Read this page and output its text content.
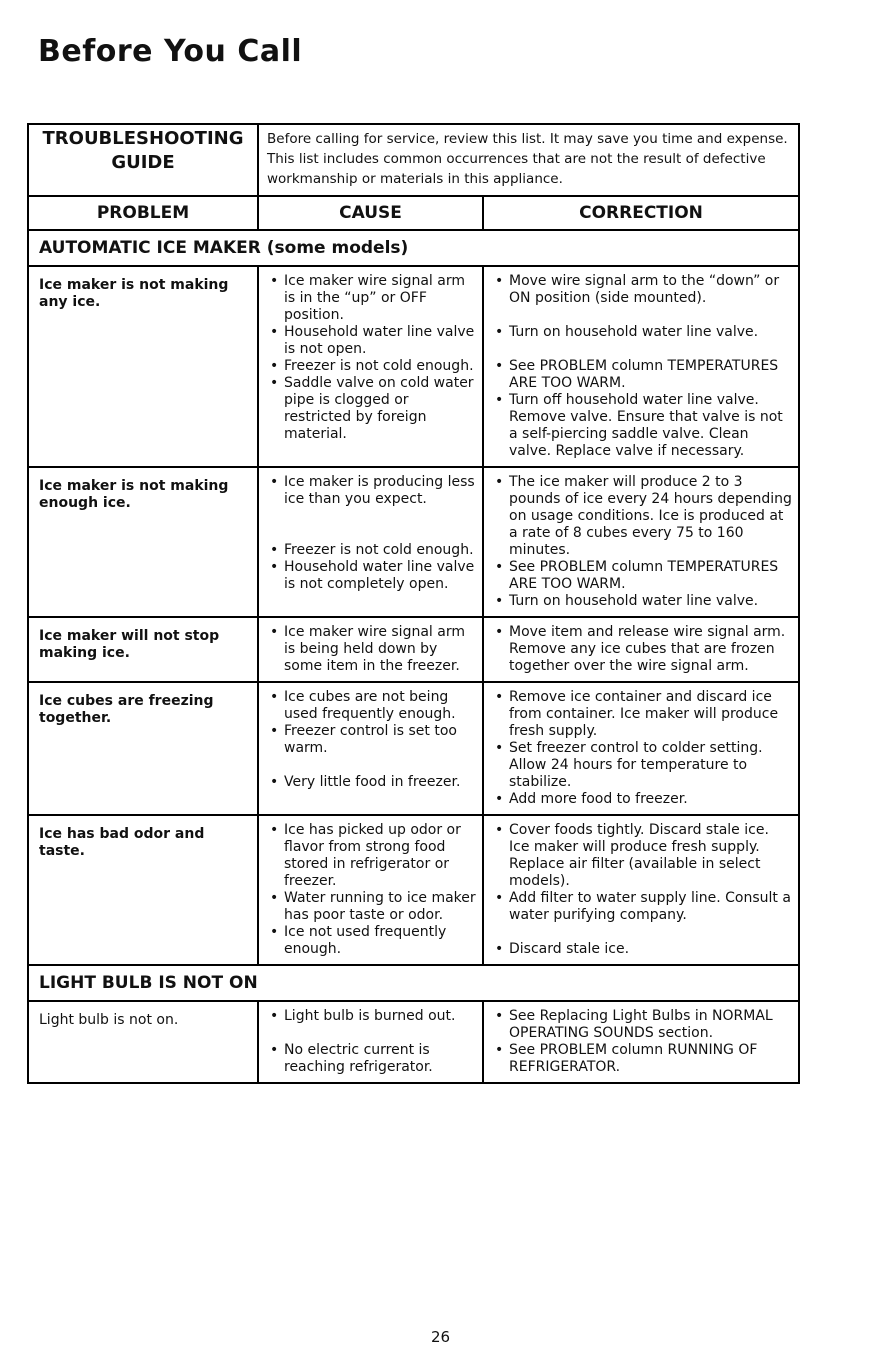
Before You Call
TROUBLESHOOTING
GUIDE
Before calling for service, review this list. It may save you time and expense. This list includes common occurrences that are not the result of defective workmanship or materials in this appliance.
PROBLEM	CAUSE	CORRECTION
AUTOMATIC ICE MAKER (some models)
Ice maker is not making any ice.
• Ice maker wire signal arm is in the “up” or OFF position.
• Household water line valve is not open.
• Freezer is not cold enough.
• Saddle valve on cold water pipe is clogged or restricted by foreign material.
• Move wire signal arm to the “down” or ON position (side mounted).
• Turn on household water line valve.
• See PROBLEM column TEMPERATURES ARE TOO WARM.
• Turn off household water line valve. Remove valve. Ensure that valve is not a self-piercing saddle valve. Clean valve. Replace valve if necessary.
Ice maker is not making enough ice.
• Ice maker is producing less ice than you expect.
• Freezer is not cold enough.
• Household water line valve is not completely open.
• The ice maker will produce 2 to 3 pounds of ice every 24 hours depending on usage conditions. Ice is produced at a rate of 8 cubes every 75 to 160 minutes.
• See PROBLEM column TEMPERATURES ARE TOO WARM.
• Turn on household water line valve.
Ice maker will not stop making ice.
• Ice maker wire signal arm is being held down by some item in the freezer.
• Move item and release wire signal arm. Remove any ice cubes that are frozen together over the wire signal arm.
Ice cubes are freezing together.
• Ice cubes are not being used frequently enough.
• Freezer control is set too warm.
• Very little food in freezer.
• Remove ice container and discard ice from container. Ice maker will produce fresh supply.
• Set freezer control to colder setting. Allow 24 hours for temperature to stabilize.
• Add more food to freezer.
Ice has bad odor and taste.
• Ice has picked up odor or flavor from strong food stored in refrigerator or freezer.
• Water running to ice maker has poor taste or odor.
• Ice not used frequently enough.
• Cover foods tightly. Discard stale ice. Ice maker will produce fresh supply. Replace air filter (available in select models).
• Add filter to water supply line. Consult a water purifying company.
• Discard stale ice.
LIGHT BULB IS NOT ON
Light bulb is not on.
•	Light bulb is burned out.
• No electric current is reaching refrigerator.
• See Replacing Light Bulbs in NORMAL OPERATING SOUNDS section.
• See PROBLEM column RUNNING OF REFRIGERATOR.
26
